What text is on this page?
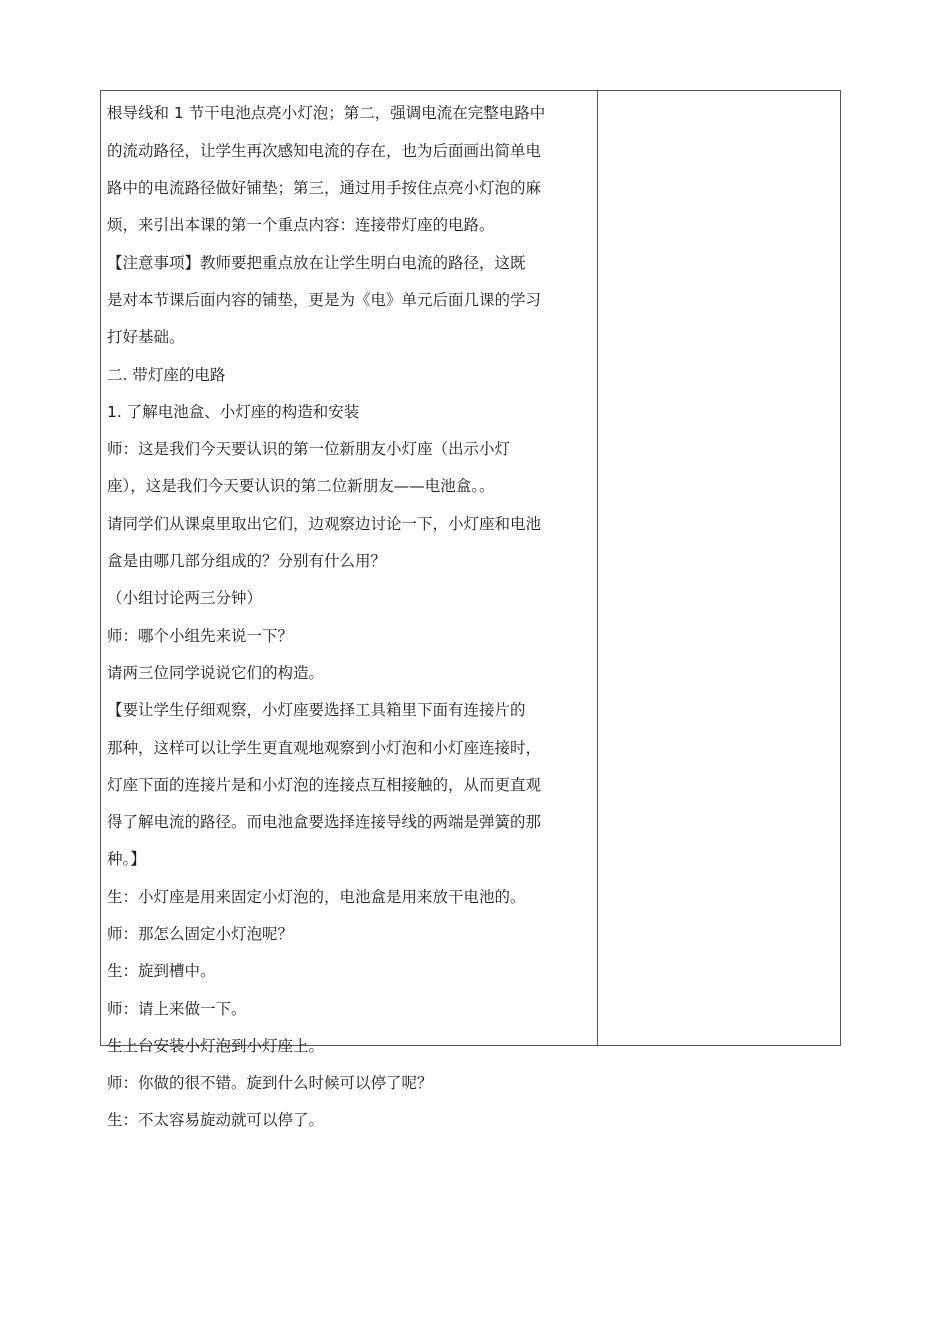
根导线和 1 节干电池点亮小灯泡；第二，强调电流在完整电路中
的流动路径，让学生再次感知电流的存在，也为后面画出简单电
路中的电流路径做好铺垫；第三，通过用手按住点亮小灯泡的麻
烦，来引出本课的第一个重点内容：连接带灯座的电路。
【注意事项】教师要把重点放在让学生明白电流的路径，这既
是对本节课后面内容的铺垫，更是为《电》单元后面几课的学习
打好基础。
二. 带灯座的电路
1. 了解电池盒、小灯座的构造和安装
师：这是我们今天要认识的第一位新朋友小灯座（出示小灯
座），这是我们今天要认识的第二位新朋友——电池盒。。
请同学们从课桌里取出它们，边观察边讨论一下，小灯座和电池
盒是由哪几部分组成的？分别有什么用？
（小组讨论两三分钟）
师：哪个小组先来说一下？
请两三位同学说说它们的构造。
【要让学生仔细观察，小灯座要选择工具箱里下面有连接片的
那种，这样可以让学生更直观地观察到小灯泡和小灯座连接时，
灯座下面的连接片是和小灯泡的连接点互相接触的，从而更直观
得了解电流的路径。而电池盒要选择连接导线的两端是弹簧的那
种。】
生：小灯座是用来固定小灯泡的，电池盒是用来放干电池的。
师：那怎么固定小灯泡呢？
生：旋到槽中。
师：请上来做一下。
生上台安装小灯泡到小灯座上。
师：你做的很不错。旋到什么时候可以停了呢？
生：不太容易旋动就可以停了。
